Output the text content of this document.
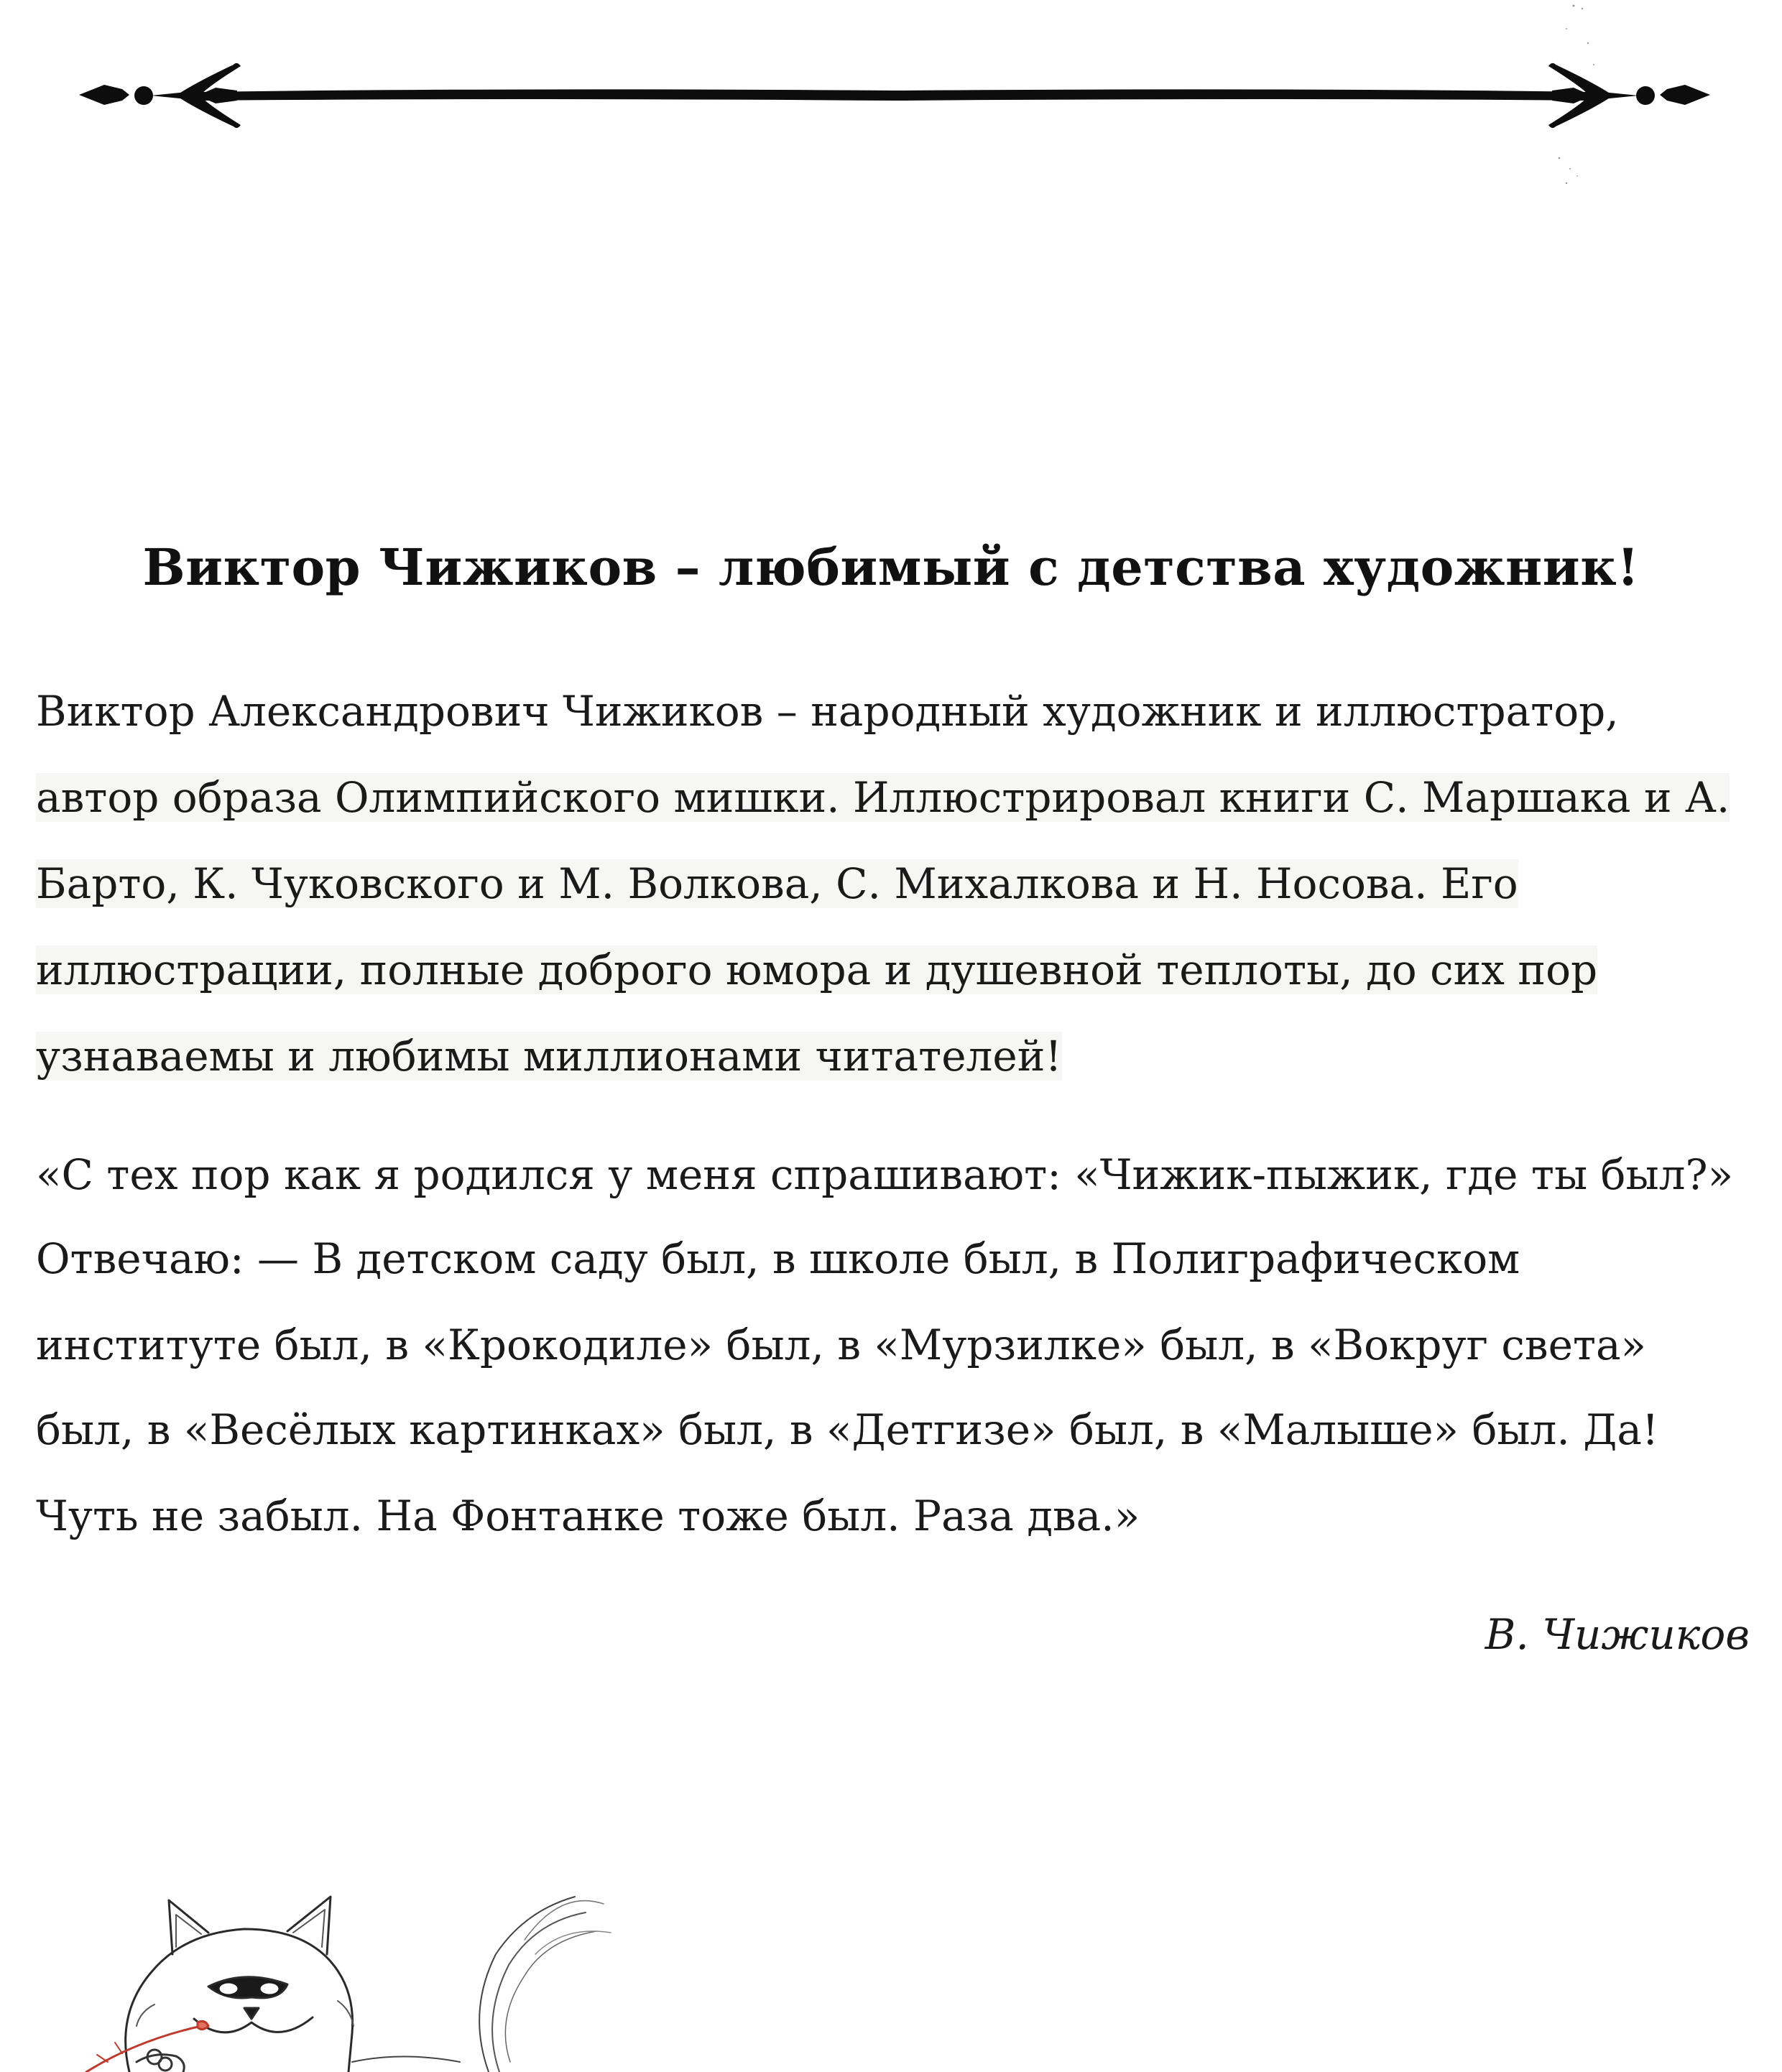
Виктор Чижиков – любимый с детства художник!
Виктор Александрович Чижиков – народный художник и иллюстратор,
автор образа Олимпийского мишки. Иллюстрировал книги С. Маршака и А.
Барто, К. Чуковского и М. Волкова, С. Михалкова и Н. Носова. Его
иллюстрации, полные доброго юмора и душевной теплоты, до сих пор
узнаваемы и любимы миллионами читателей!
«С тех пор как я родился у меня спрашивают: «Чижик-пыжик, где ты был?»
Отвечаю: — В детском саду был, в школе был, в Полиграфическом
институте был, в «Крокодиле» был, в «Мурзилке» был, в «Вокруг света»
был, в «Весёлых картинках» был, в «Детгизе» был, в «Малыше» был. Да!
Чуть не забыл. На Фонтанке тоже был. Раза два.»
В. Чижиков
